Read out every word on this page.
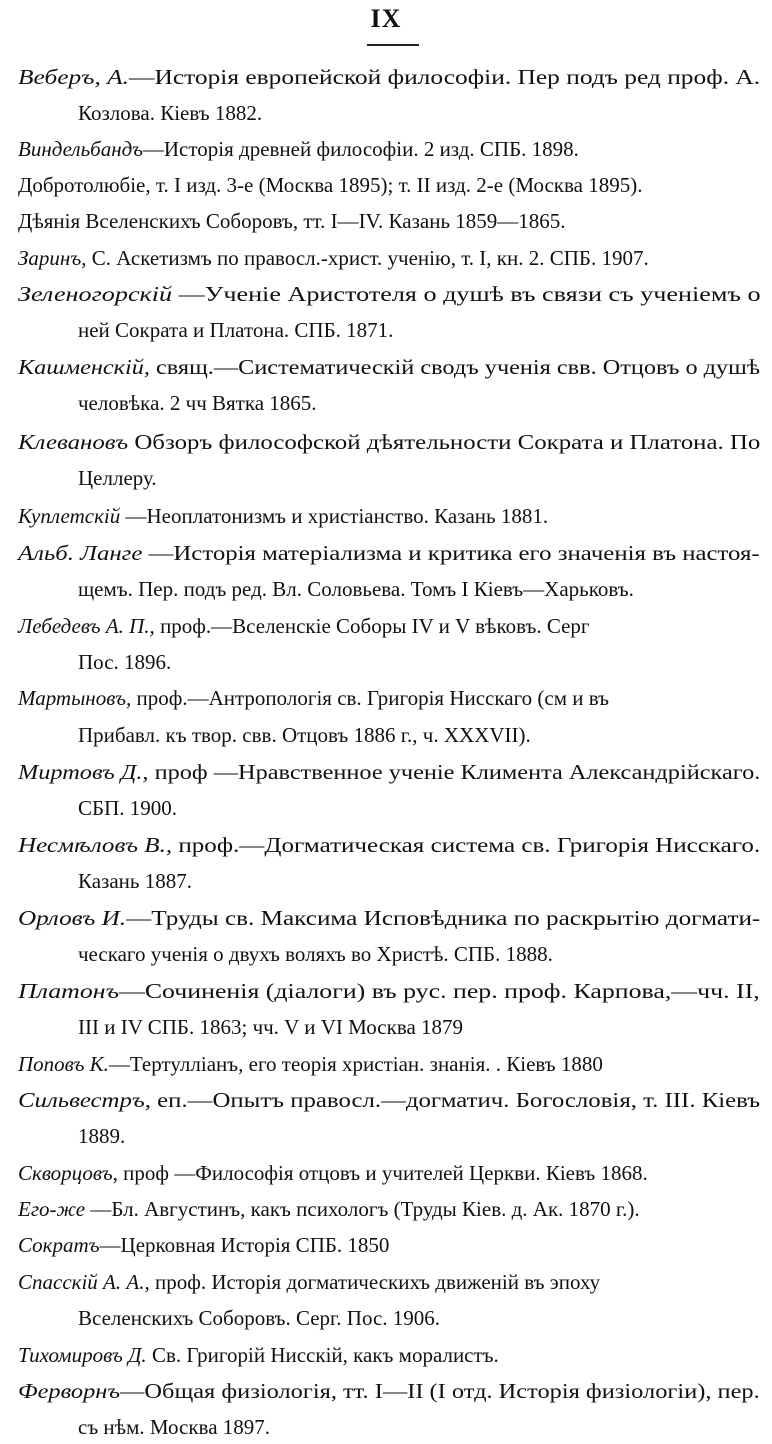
IX
Веберъ, А.—Исторія европейской философіи. Пер подъ ред проф. А.
Козлова. Кіевъ 1882.
Виндельбандъ—Исторія древней философіи. 2 изд. СПБ. 1898.
Добротолюбіе, т. I изд. 3-е (Москва 1895); т. II изд. 2-е (Москва 1895).
Дѣянія Вселенскихъ Соборовъ, тт. I—IV. Казань 1859—1865.
Заринъ, С. Аскетизмъ по правосл.-христ. ученію, т. I, кн. 2. СПБ. 1907.
Зеленогорскій —Ученіе Аристотеля о душѣ въ связи съ ученіемъ о
ней Сократа и Платона. СПБ. 1871.
Кашменскій, свящ.—Систематическій сводъ ученія свв. Отцовъ о душѣ
человѣка. 2 чч Вятка 1865.
Клевановъ Обзоръ философской дѣятельности Сократа и Платона. По
Целлеру.
Куплетскій —Неоплатонизмъ и христіанство. Казань 1881.
Альб. Ланге —Исторія матеріализма и критика его значенія въ настоя-
щемъ. Пер. подъ ред. Вл. Соловьева. Томъ I Кіевъ—Харьковъ.
Лебедевъ А. П., проф.—Вселенскіе Соборы IV и V вѣковъ. Серг
Пос. 1896.
Мартыновъ, проф.—Антропологія св. Григорія Нисскаго (см и въ
Прибавл. къ твор. свв. Отцовъ 1886 г., ч. XXXVII).
Миртовъ Д., проф —Нравственное ученіе Климента Александрійскаго.
СБП. 1900.
Несмѣловъ В., проф.—Догматическая система св. Григорія Нисскаго.
Казань 1887.
Орловъ И.—Труды св. Максима Исповѣдника по раскрытію догмати-
ческаго ученія о двухъ воляхъ во Христѣ. СПБ. 1888.
Платонъ—Сочиненія (діалоги) въ рус. пер. проф. Карпова,—чч. II,
III и IV СПБ. 1863; чч. V и VI Москва 1879
Поповъ К.—Тертулліанъ, его теорія христіан. знанія. . Кіевъ 1880
Сильвестръ, еп.—Опытъ правосл.—догматич. Богословія, т. III. Кіевъ
1889.
Скворцовъ, проф —Философія отцовъ и учителей Церкви. Кіевъ 1868.
Его-же —Бл. Августинъ, какъ психологъ (Труды Кіев. д. Ак. 1870 г.).
Сократъ—Церковная Исторія СПБ. 1850
Спасскій А. А., проф. Исторія догматическихъ движеній въ эпоху
Вселенскихъ Соборовъ. Серг. Пос. 1906.
Тихомировъ Д. Св. Григорій Нисскій, какъ моралистъ.
Ферворнъ—Общая физіологія, тт. I—II (I отд. Исторія физіологіи), пер.
съ нѣм. Москва 1897.
